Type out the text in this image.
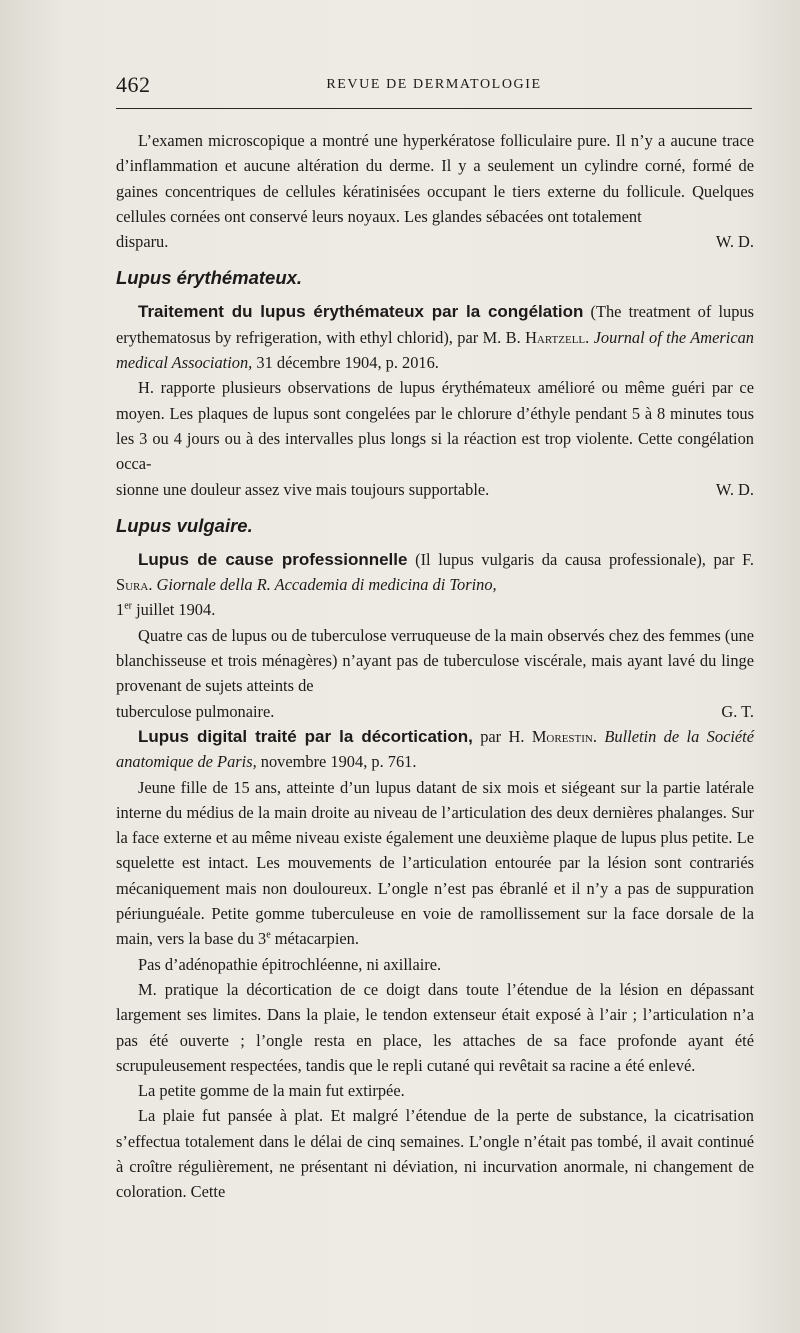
462	REVUE DE DERMATOLOGIE

L’examen microscopique a montré une hyperkératose folliculaire pure. Il n’y a aucune trace d’inflammation et aucune altération du derme. Il y a seulement un cylindre corné, formé de gaines concentriques de cellules kératinisées occupant le tiers externe du follicule. Quelques cellules cornées ont conservé leurs noyaux. Les glandes sébacées ont totalement

disparu.	W. D.
Lupus érythémateux.

Traitement du lupus érythémateux par la congélation (The treatment of lupus erythematosus by refrigeration, with ethyl chlorid), par M. B. Hartzell. Journal of the American medical Association, 31 décembre 1904, p. 2016.

H. rapporte plusieurs observations de lupus érythémateux amélioré ou même guéri par ce moyen. Les plaques de lupus sont congelées par le chlorure d’éthyle pendant 5 à 8 minutes tous les 3 ou 4 jours ou à des intervalles plus longs si la réaction est trop violente. Cette congélation occa-

sionne une douleur assez vive mais toujours supportable.	W. D.
Lupus vulgaire.

Lupus de cause professionnelle (Il lupus vulgaris da causa professionale), par F. Sura. Giornale della R. Accademia di medicina di Torino,
1er juillet 1904.

Quatre cas de lupus ou de tuberculose verruqueuse de la main observés chez des femmes (une blanchisseuse et trois ménagères) n’ayant pas de tuberculose viscérale, mais ayant lavé du linge provenant de sujets atteints de

tuberculose pulmonaire.	G. T.

Lupus digital traité par la décortication, par H. Morestin. Bulletin de la Société anatomique de Paris, novembre 1904, p. 761.

Jeune fille de 15 ans, atteinte d’un lupus datant de six mois et siégeant sur la partie latérale interne du médius de la main droite au niveau de l’articulation des deux dernières phalanges. Sur la face externe et au même niveau existe également une deuxième plaque de lupus plus petite. Le squelette est intact. Les mouvements de l’articulation entourée par la lésion sont contrariés mécaniquement mais non douloureux. L’ongle n’est pas ébranlé et il n’y a pas de suppuration périunguéale. Petite gomme tuberculeuse en voie de ramollissement sur la face dorsale de la main, vers la base du 3e métacarpien.

Pas d’adénopathie épitrochléenne, ni axillaire.

M. pratique la décortication de ce doigt dans toute l’étendue de la lésion en dépassant largement ses limites. Dans la plaie, le tendon extenseur était exposé à l’air ; l’articulation n’a pas été ouverte ; l’ongle resta en place, les attaches de sa face profonde ayant été scrupuleusement respectées, tandis que le repli cutané qui revêtait sa racine a été enlevé.

La petite gomme de la main fut extirpée.

La plaie fut pansée à plat. Et malgré l’étendue de la perte de substance, la cicatrisation s’effectua totalement dans le délai de cinq semaines. L’ongle n’était pas tombé, il avait continué à croître régulièrement, ne présentant ni déviation, ni incurvation anormale, ni changement de coloration. Cette
